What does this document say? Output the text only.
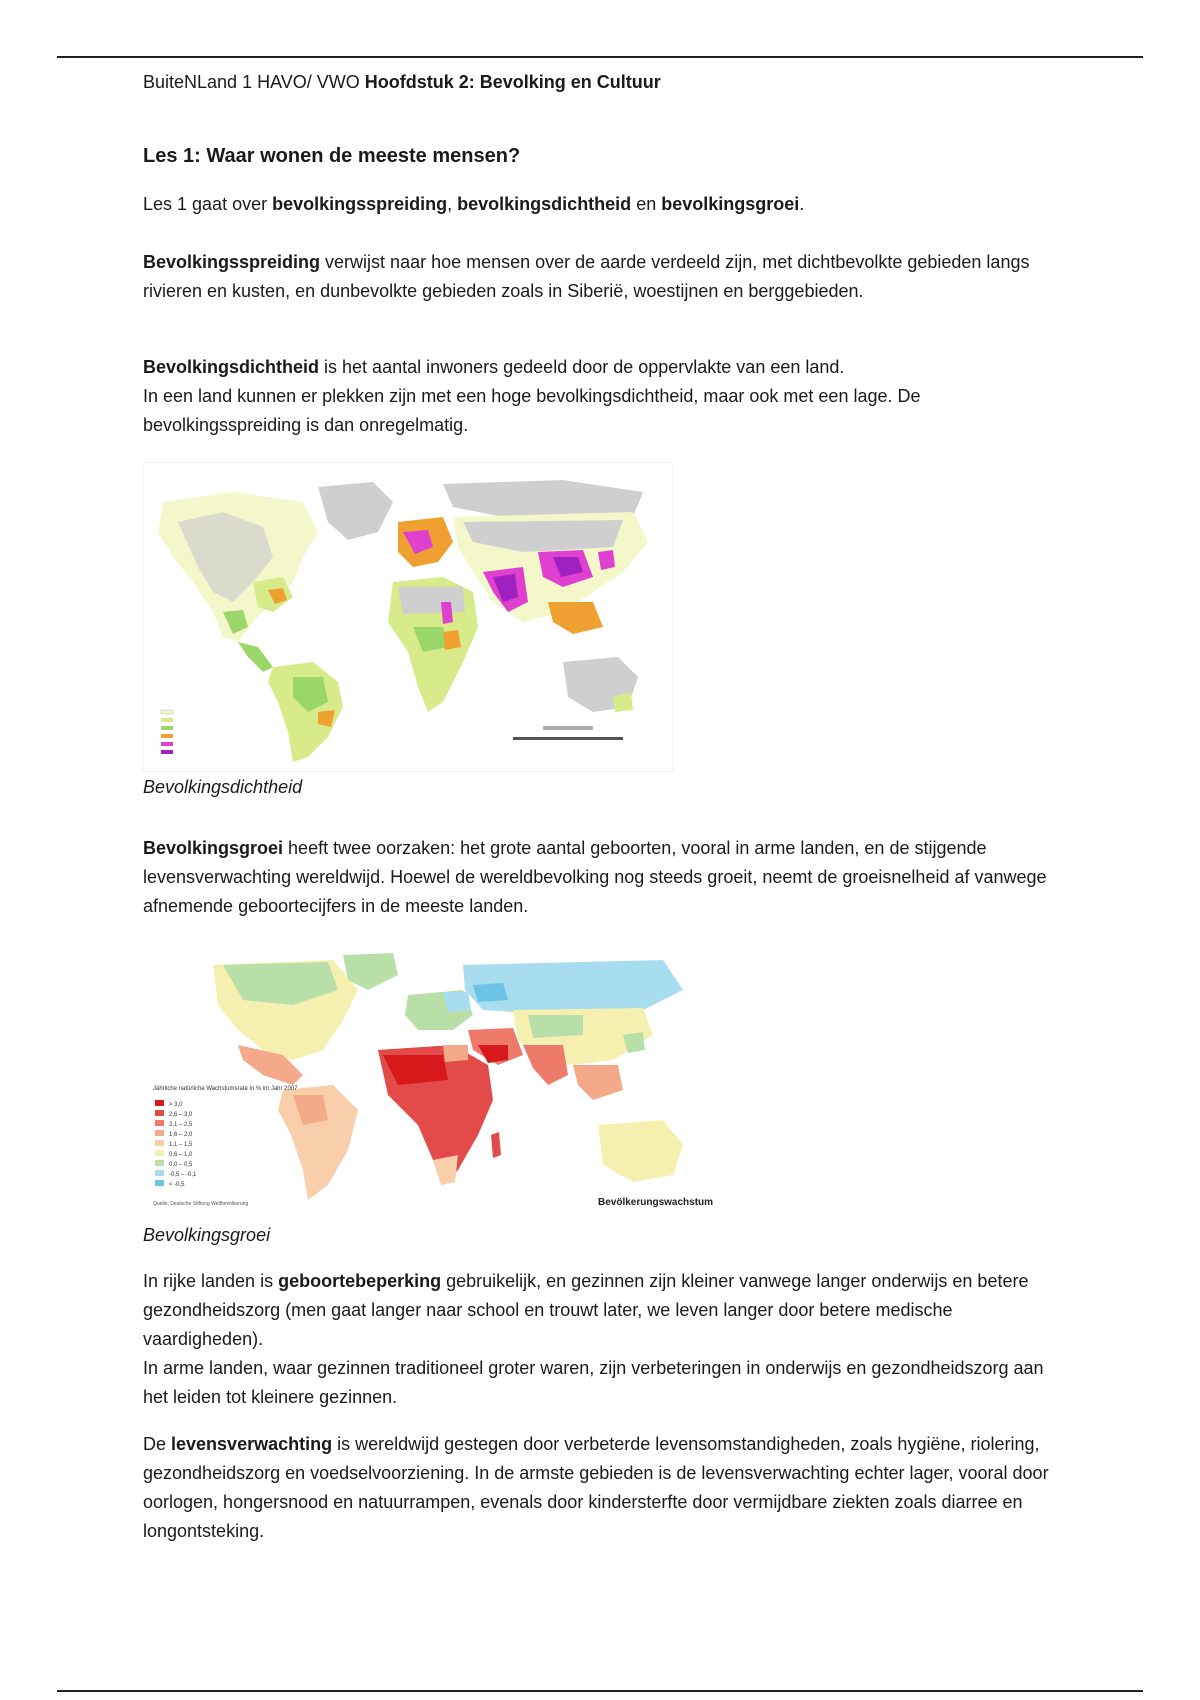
BuiteNLand 1 HAVO/ VWO Hoofdstuk 2: Bevolking en Cultuur
Les 1: Waar wonen de meeste mensen?

Les 1 gaat over bevolkingsspreiding, bevolkingsdichtheid en bevolkingsgroei.

Bevolkingsspreiding verwijst naar hoe mensen over de aarde verdeeld zijn, met dichtbevolkte gebieden langs rivieren en kusten, en dunbevolkte gebieden zoals in Siberië, woestijnen en berggebieden.

Bevolkingsdichtheid is het aantal inwoners gedeeld door de oppervlakte van een land.
In een land kunnen er plekken zijn met een hoge bevolkingsdichtheid, maar ook met een lage. De bevolkingsspreiding is dan onregelmatig.

Bevolkingsdichtheid

Bevolkingsgroei heeft twee oorzaken: het grote aantal geboorten, vooral in arme landen, en de stijgende levensverwachting wereldwijd. Hoewel de wereldbevolking nog steeds groeit, neemt de groeisnelheid af vanwege afnemende geboortecijfers in de meeste landen.

Jährliche natürliche Wachstumsrate in % im Jahr 2007
> 3,0
2,6 – 3,0
2,1 – 2,5
1,6 – 2,0
1,1 – 1,5
0,6 – 1,0
0,0 – 0,5
-0,5 – -0,1
< -0,5
Quelle: Deutsche Stiftung Weltbevölkerung	Bevölkerungswachstum
Bevolkingsgroei

In rijke landen is geboortebeperking gebruikelijk, en gezinnen zijn kleiner vanwege langer onderwijs en betere gezondheidszorg (men gaat langer naar school en trouwt later, we leven langer door betere medische vaardigheden).
In arme landen, waar gezinnen traditioneel groter waren, zijn verbeteringen in onderwijs en gezondheidszorg aan het leiden tot kleinere gezinnen.

De levensverwachting is wereldwijd gestegen door verbeterde levensomstandigheden, zoals hygiëne, riolering, gezondheidszorg en voedselvoorziening. In de armste gebieden is de levensverwachting echter lager, vooral door oorlogen, hongersnood en natuurrampen, evenals door kindersterfte door vermijdbare ziekten zoals diarree en longontsteking.
